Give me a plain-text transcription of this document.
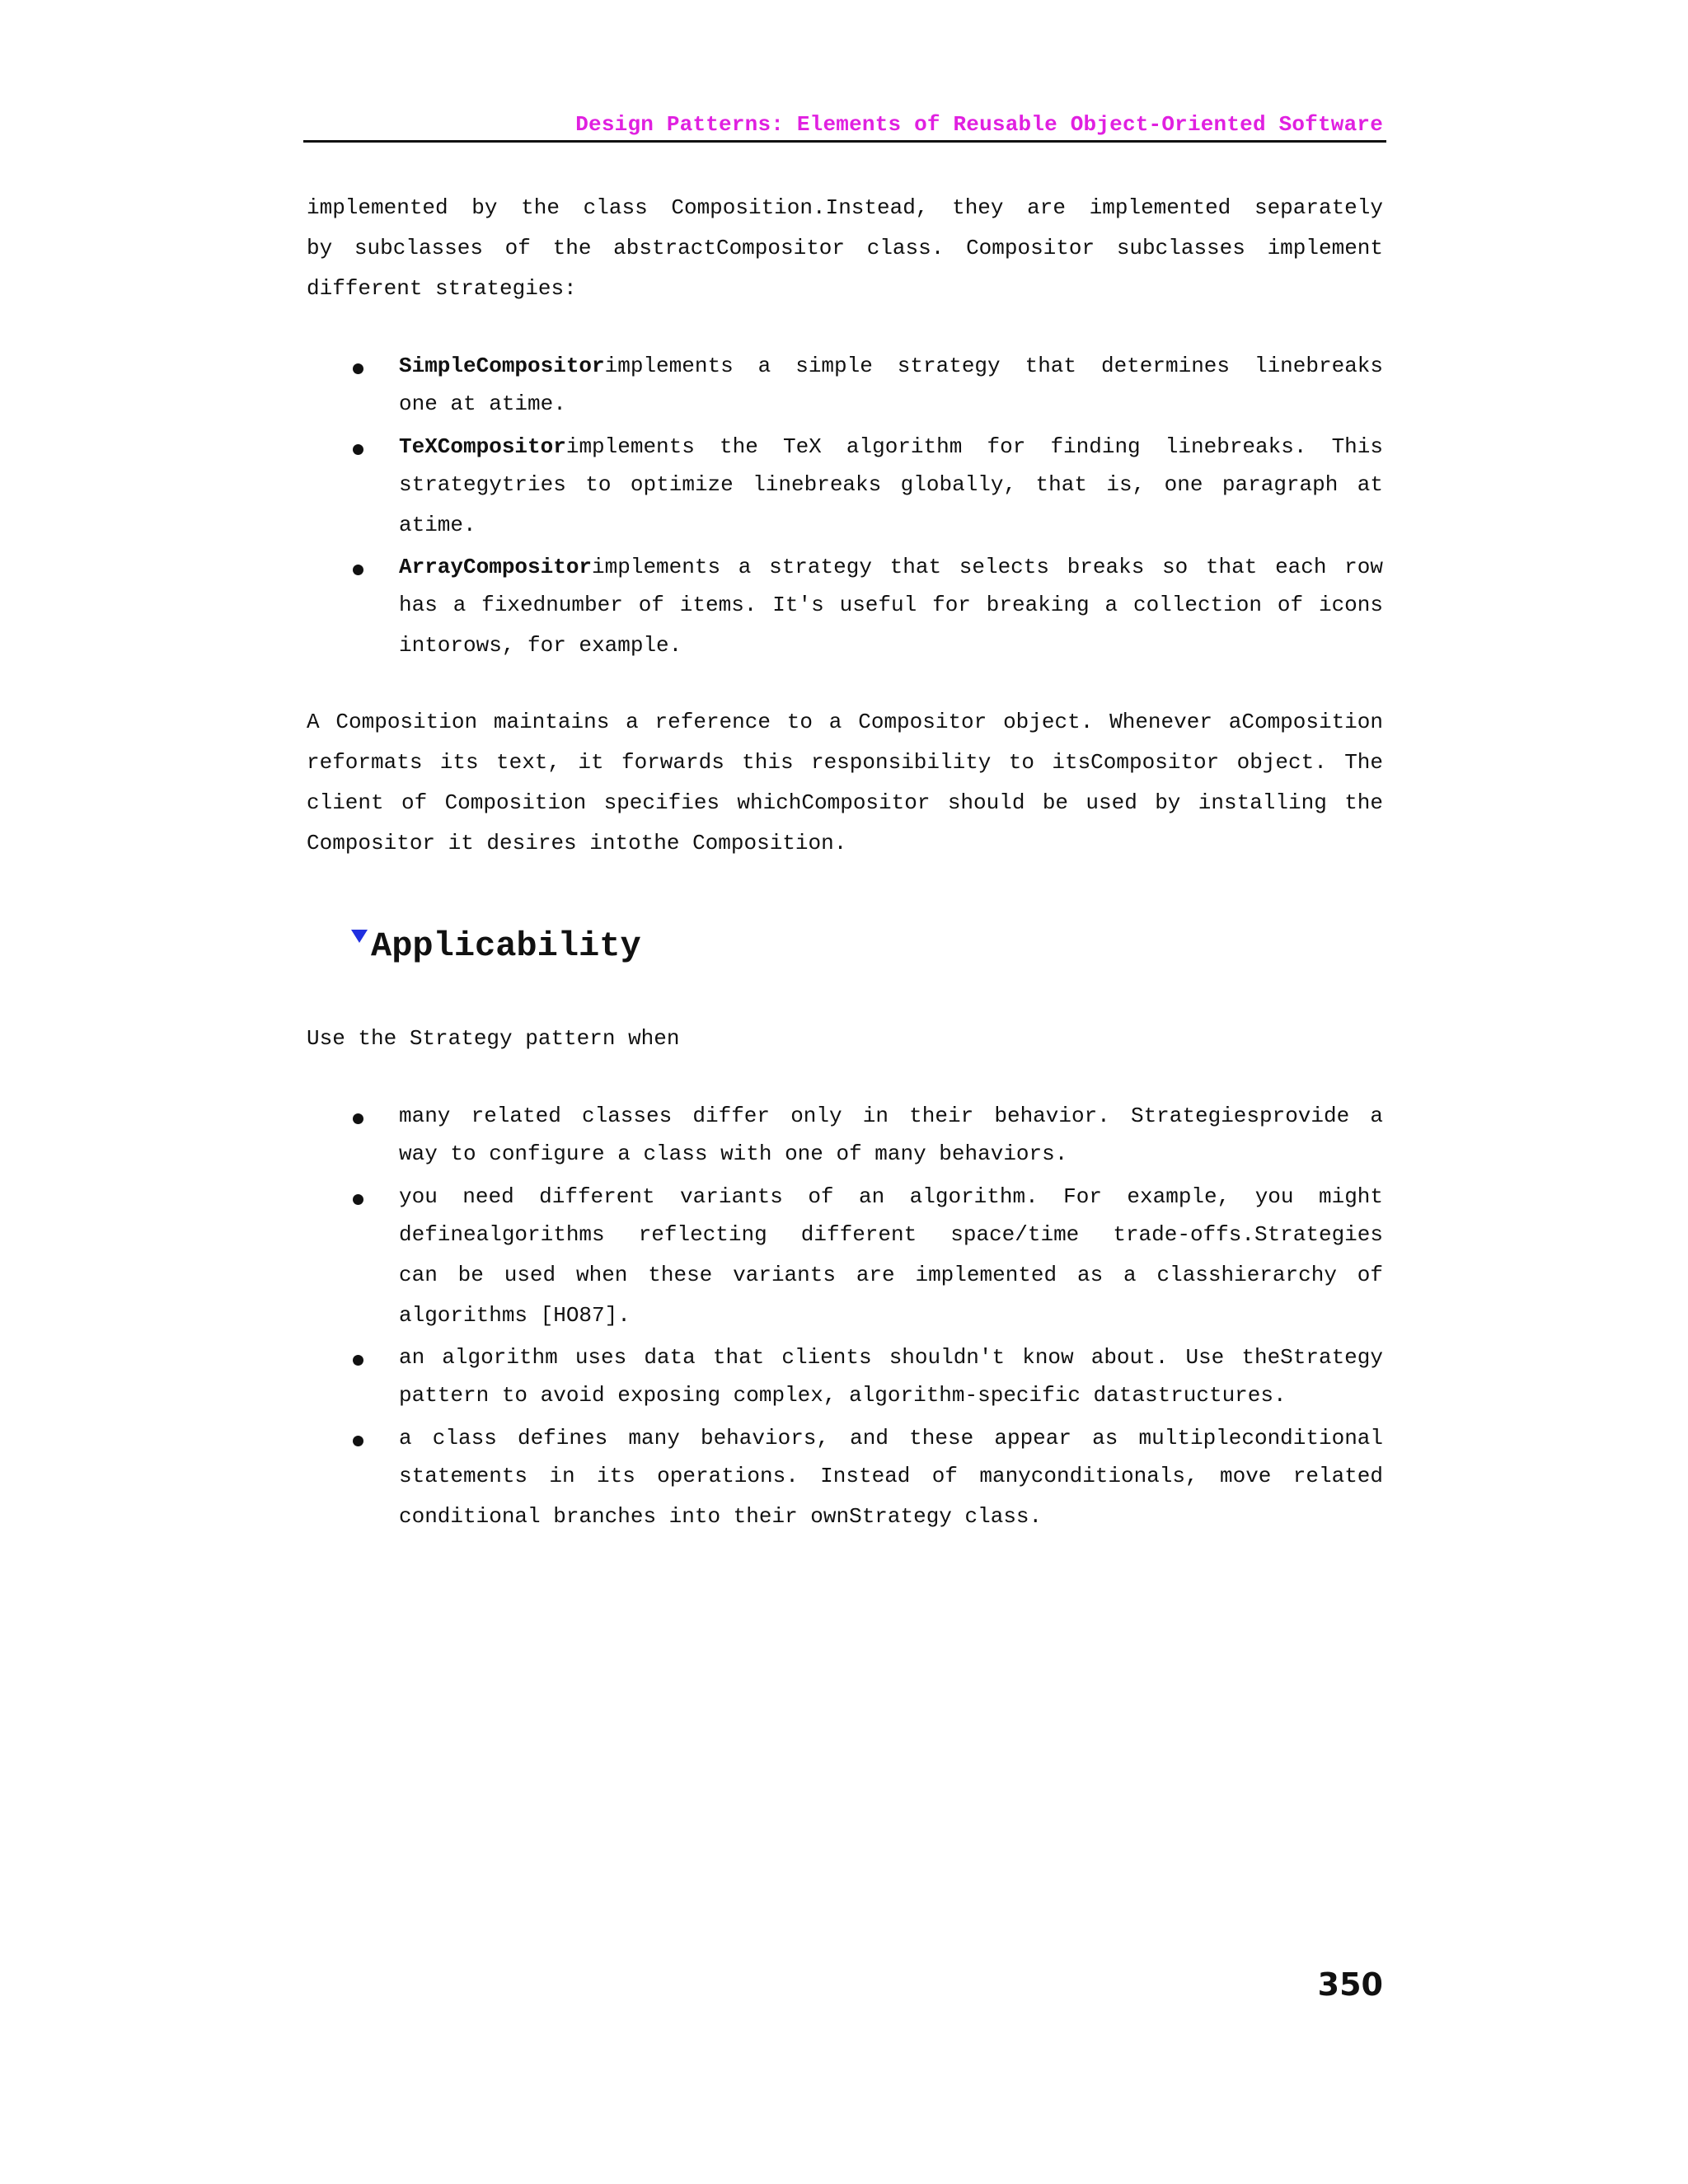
Design Patterns: Elements of Reusable Object-Oriented Software
implemented by the class Composition.Instead, they are implemented separately
by subclasses of the abstractCompositor class. Compositor subclasses implement
different strategies:
SimpleCompositorimplements a simple strategy that determines linebreaks
one at atime.
TeXCompositorimplements the TeX algorithm for finding linebreaks. This
strategytries to optimize linebreaks globally, that is, one paragraph at
atime.
ArrayCompositorimplements a strategy that selects breaks so that each row
has a fixednumber of items. It's useful for breaking a collection of icons
intorows, for example.
A Composition maintains a reference to a Compositor object. Whenever aComposition
reformats its text, it forwards this responsibility to itsCompositor object. The
client of Composition specifies whichCompositor should be used by installing the
Compositor it desires intothe Composition.
Applicability
Use the Strategy pattern when
many related classes differ only in their behavior. Strategiesprovide a
way to configure a class with one of many behaviors.
you need different variants of an algorithm. For example, you might
definealgorithms reflecting different space/time trade-offs.Strategies
can be used when these variants are implemented as a classhierarchy of
algorithms [HO87].
an algorithm uses data that clients shouldn't know about. Use theStrategy
pattern to avoid exposing complex, algorithm-specific datastructures.
a class defines many behaviors, and these appear as multipleconditional
statements in its operations. Instead of manyconditionals, move related
conditional branches into their ownStrategy class.
350
